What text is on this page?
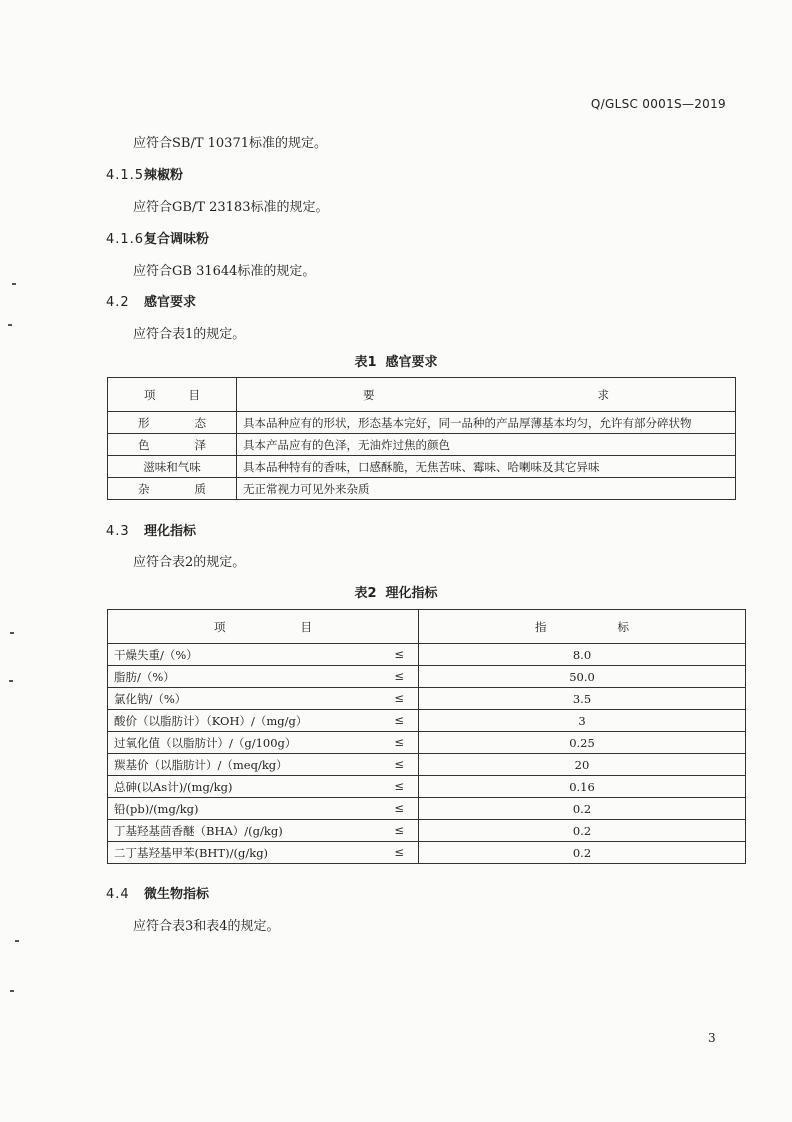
Q/GLSC 0001S—2019
应符合SB/T 10371标准的规定。
4.1.5辣椒粉
应符合GB/T 23183标准的规定。
4.1.6复合调味粉
应符合GB 31644标准的规定。
4.2 感官要求
应符合表1的规定。
表1  感官要求
项 目	要 求

形 态	具本品种应有的形状，形态基本完好，同一品种的产品厚薄基本均匀，允许有部分碎状物

色 泽	具本产品应有的色泽，无油炸过焦的颜色
滋味和气味	具本品种特有的香味，口感酥脆，无焦苦味、霉味、哈喇味及其它异味

杂 质	无正常视力可见外来杂质
4.3 理化指标
应符合表2的规定。
表2  理化指标
项 目	指 标

干燥失重/（%） ≤	8.0
脂肪/（%） ≤	50.0
氯化钠/（%） ≤	3.5
酸价（以脂肪计）（KOH）/（mg/g） ≤	3
过氧化值（以脂肪计）/（g/100g） ≤	0.25
羰基价（以脂肪计）/（meq/kg） ≤	20
总砷(以As计)/(mg/kg) ≤	0.16
铅(pb)/(mg/kg) ≤	0.2
丁基羟基茴香醚（BHA）/(g/kg) ≤	0.2
二丁基羟基甲苯(BHT)/(g/kg) ≤	0.2
4.4 微生物指标
应符合表3和表4的规定。
3
